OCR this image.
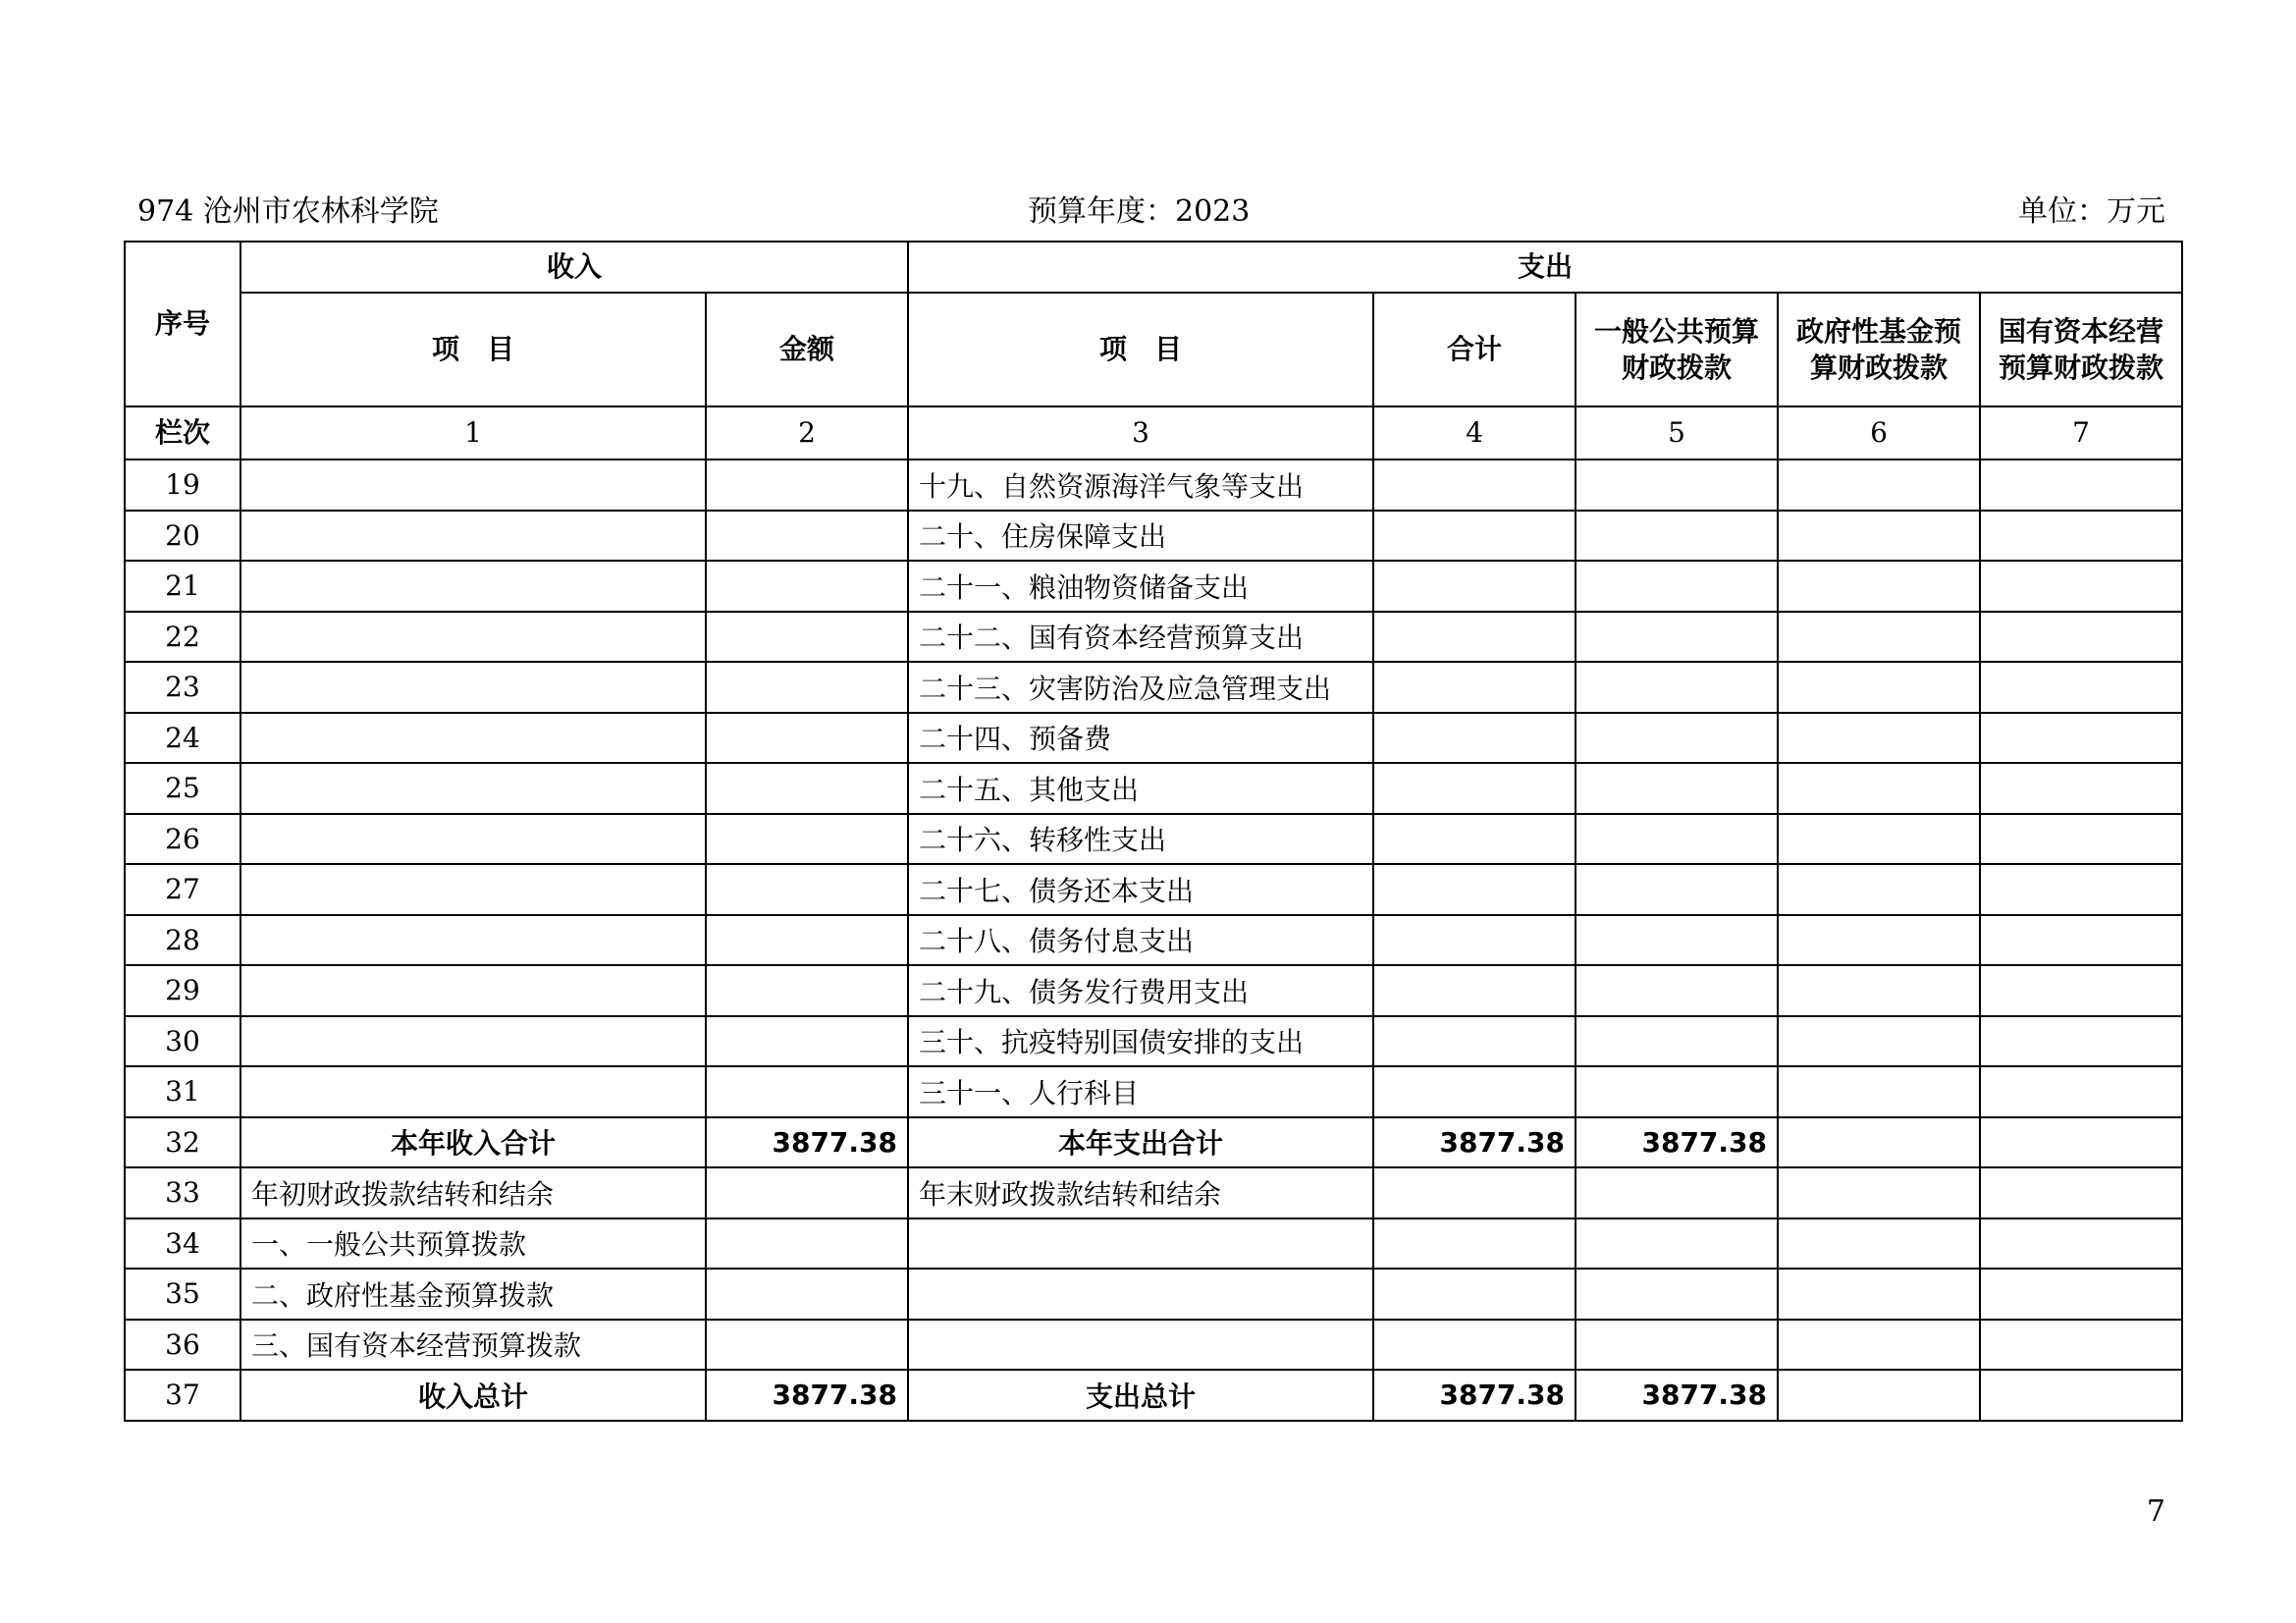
974 沧州市农林科学院	预算年度：2023	单位：万元
序号	收入		支出				
	项　目	金额	项　目	合计	一般公共预算财政拨款	政府性基金预算财政拨款	国有资本经营预算财政拨款
栏次	1	2	3	4	5	6	7
19			十九、自然资源海洋气象等支出				
20			二十、住房保障支出				
21			二十一、粮油物资储备支出				
22			二十二、国有资本经营预算支出				
23			二十三、灾害防治及应急管理支出				
24			二十四、预备费				
25			二十五、其他支出				
26			二十六、转移性支出				
27			二十七、债务还本支出				
28			二十八、债务付息支出				
29			二十九、债务发行费用支出				
30			三十、抗疫特别国债安排的支出				
31			三十一、人行科目				
32	本年收入合计	3877.38	本年支出合计	3877.38	3877.38		
33	年初财政拨款结转和结余		年末财政拨款结转和结余				
34	一、一般公共预算拨款						
35	二、政府性基金预算拨款						
36	三、国有资本经营预算拨款						
37	收入总计	3877.38	支出总计	3877.38	3877.38		
7
